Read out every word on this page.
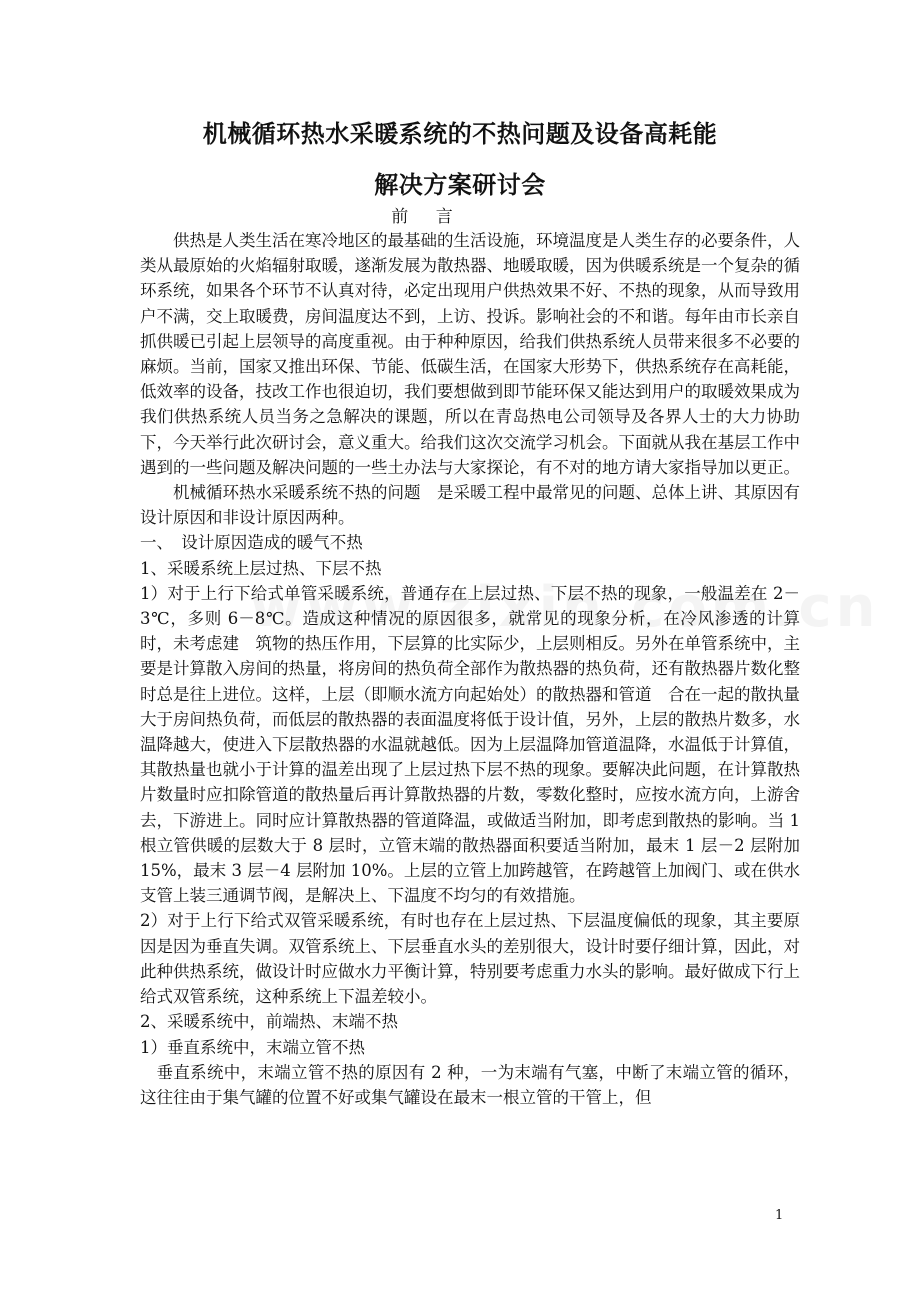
机械循环热水采暖系统的不热问题及设备高耗能
解决方案研讨会
前 言

供热是人类生活在寒冷地区的最基础的生活设施，环境温度是人类生存的必要条件，人类从最原始的火焰辐射取暖，遂渐发展为散热器、地暖取暖，因为供暖系统是一个复杂的循环系统，如果各个环节不认真对待，必定出现用户供热效果不好、不热的现象，从而导致用户不满，交上取暖费，房间温度达不到，上访、投诉。影响社会的不和谐。每年由市长亲自抓供暖已引起上层领导的高度重视。由于种种原因，给我们供热系统人员带来很多不必要的麻烦。当前，国家又推出环保、节能、低碳生活，在国家大形势下，供热系统存在高耗能，低效率的设备，技改工作也很迫切，我们要想做到即节能环保又能达到用户的取暖效果成为我们供热系统人员当务之急解决的课题，所以在青岛热电公司领导及各界人士的大力协助下，今天举行此次研讨会，意义重大。给我们这次交流学习机会。下面就从我在基层工作中遇到的一些问题及解决问题的一些土办法与大家探论，有不对的地方请大家指导加以更正。

机械循环热水采暖系统不热的问题　是采暖工程中最常见的问题、总体上讲、其原因有设计原因和非设计原因两种。

一、　设计原因造成的暖气不热

1、采暖系统上层过热、下层不热

1）对于上行下给式单管采暖系统，普通存在上层过热、下层不热的现象，一般温差在 2－3℃，多则 6－8℃。造成这种情况的原因很多，就常见的现象分析，在冷风渗透的计算时，未考虑建　筑物的热压作用，下层算的比实际少，上层则相反。另外在单管系统中，主要是计算散入房间的热量，将房间的热负荷全部作为散热器的热负荷，还有散热器片数化整时总是往上进位。这样，上层（即顺水流方向起始处）的散热器和管道　合在一起的散执量大于房间热负荷，而低层的散热器的表面温度将低于设计值，另外，上层的散热片数多，水温降越大，使进入下层散热器的水温就越低。因为上层温降加管道温降，水温低于计算值，其散热量也就小于计算的温差出现了上层过热下层不热的现象。要解决此问题，在计算散热片数量时应扣除管道的散热量后再计算散热器的片数，零数化整时，应按水流方向，上游舍去，下游进上。同时应计算散热器的管道降温，或做适当附加，即考虑到散热的影响。当 1 根立管供暖的层数大于 8 层时，立管末端的散热器面积要适当附加，最末 1 层－2 层附加 15%，最末 3 层－4 层附加 10%。上层的立管上加跨越管，在跨越管上加阀门、或在供水支管上装三通调节阀，是解决上、下温度不均匀的有效措施。

2）对于上行下给式双管采暖系统，有时也存在上层过热、下层温度偏低的现象，其主要原因是因为垂直失调。双管系统上、下层垂直水头的差别很大，设计时要仔细计算，因此，对此种供热系统，做设计时应做水力平衡计算，特别要考虑重力水头的影响。最好做成下行上给式双管系统，这种系统上下温差较小。

2、采暖系统中，前端热、末端不热

1）垂直系统中，末端立管不热

垂直系统中，末端立管不热的原因有 2 种，一为末端有气塞，中断了末端立管的循环，这往往由于集气罐的位置不好或集气罐设在最末一根立管的干管上，但

1
